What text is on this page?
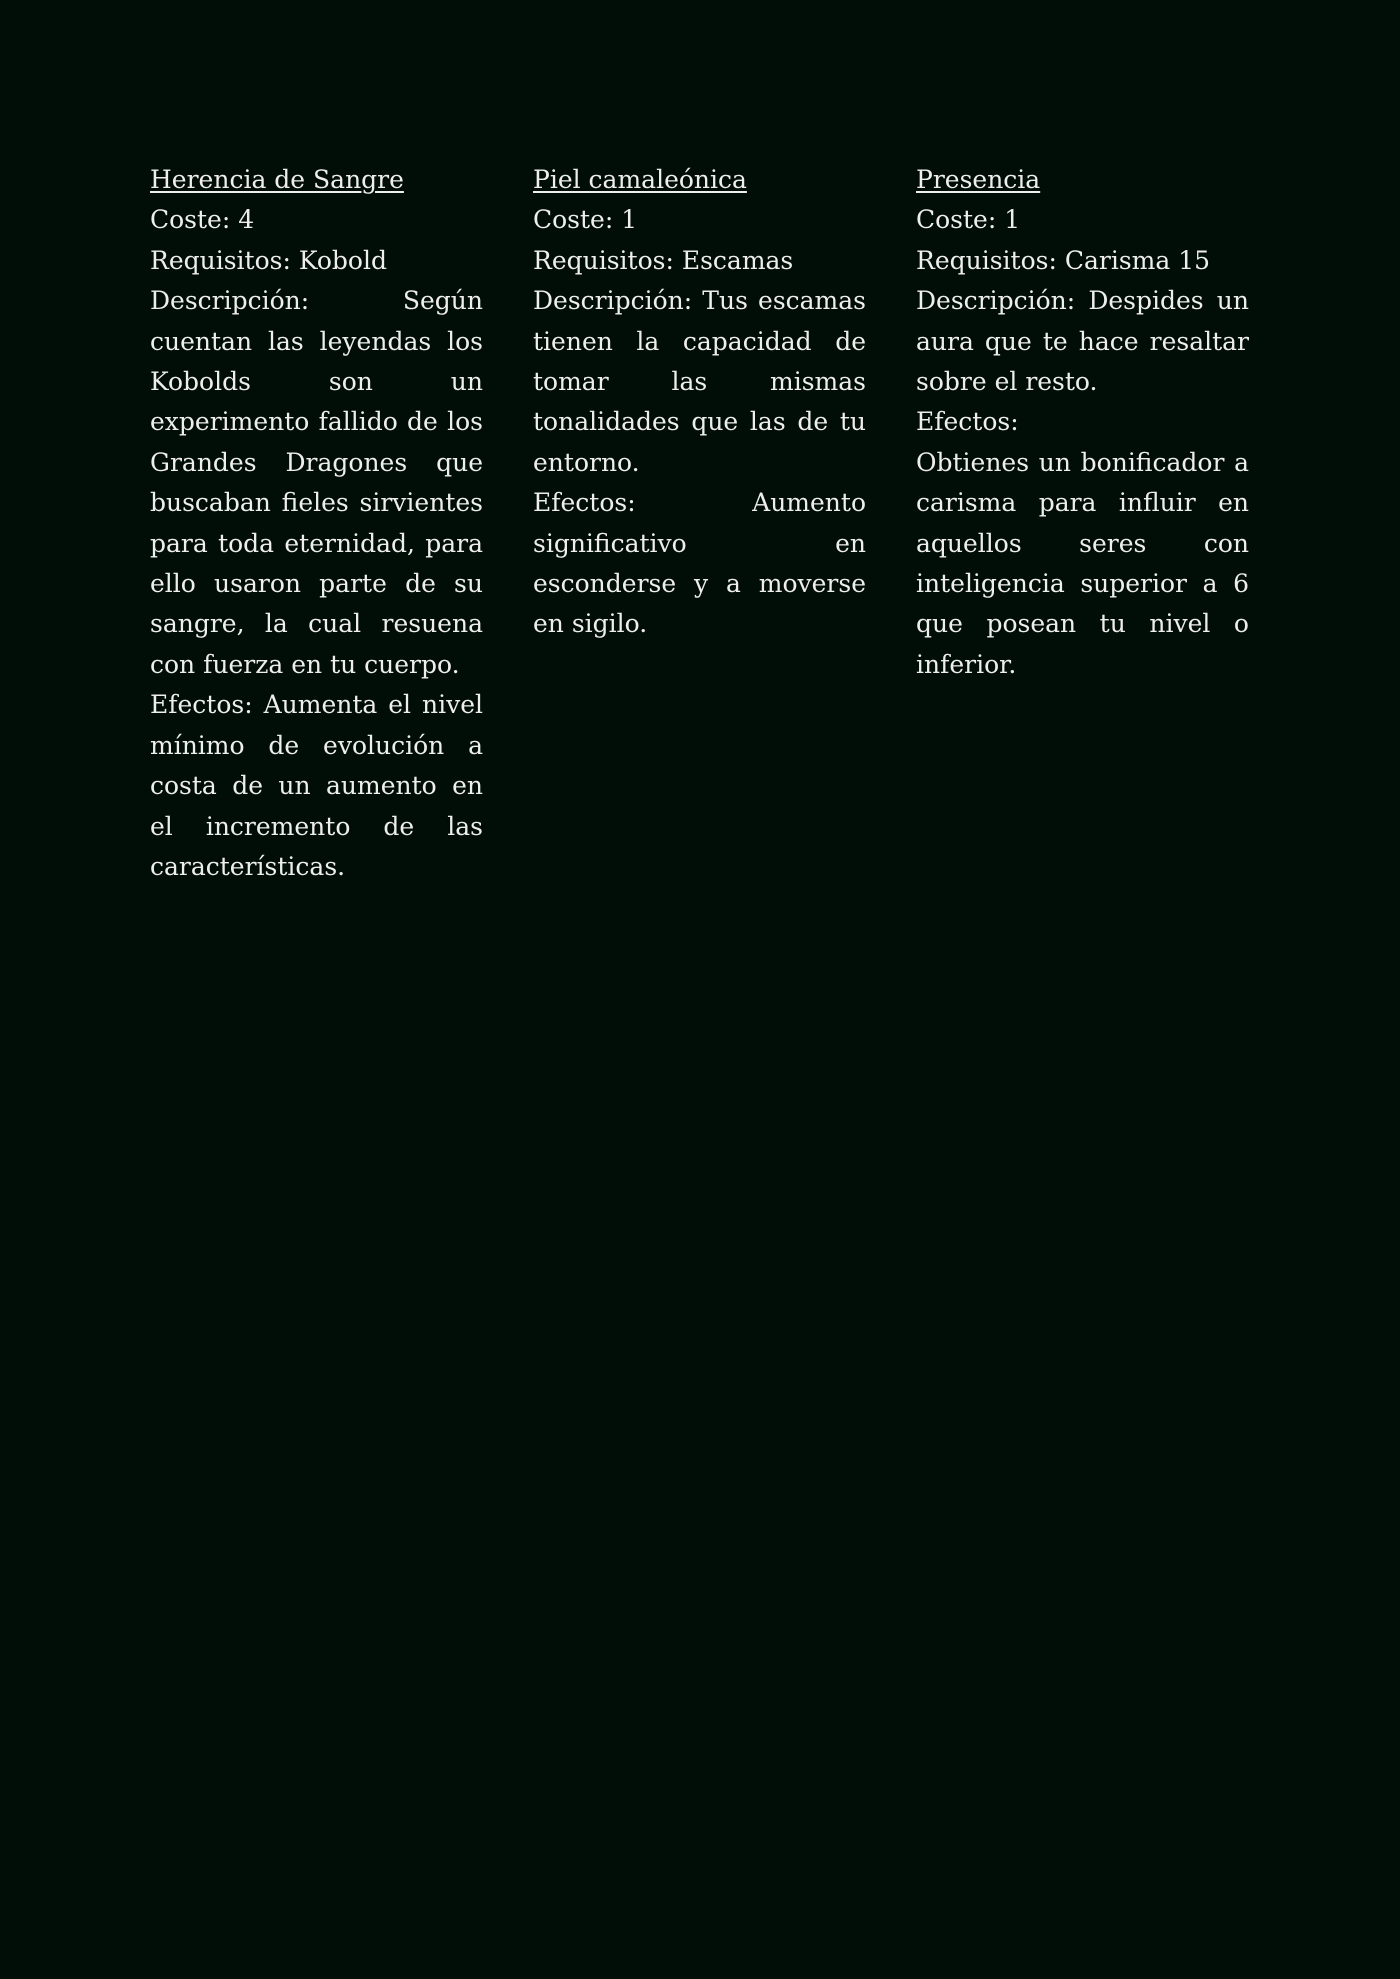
Herencia de Sangre

Coste: 4

Requisitos: Kobold

Descripción: Según cuentan las leyendas los Kobolds son un experimento fallido de los Grandes Dragones que buscaban fieles sirvientes para toda eternidad, para ello usaron parte de su sangre, la cual resuena con fuerza en tu cuerpo.

Efectos: Aumenta el nivel mínimo de evolución a costa de un aumento en el incremento de las características.

Piel camaleónica

Coste: 1

Requisitos: Escamas

Descripción: Tus escamas tienen la capacidad de tomar las mismas tonalidades que las de tu entorno.

Efectos: Aumento significativo en esconderse y a moverse en sigilo.

Presencia

Coste: 1

Requisitos: Carisma 15

Descripción: Despides un aura que te hace resaltar sobre el resto.

Efectos:

Obtienes un bonificador a carisma para influir en aquellos seres con inteligencia superior a 6 que posean tu nivel o inferior.
